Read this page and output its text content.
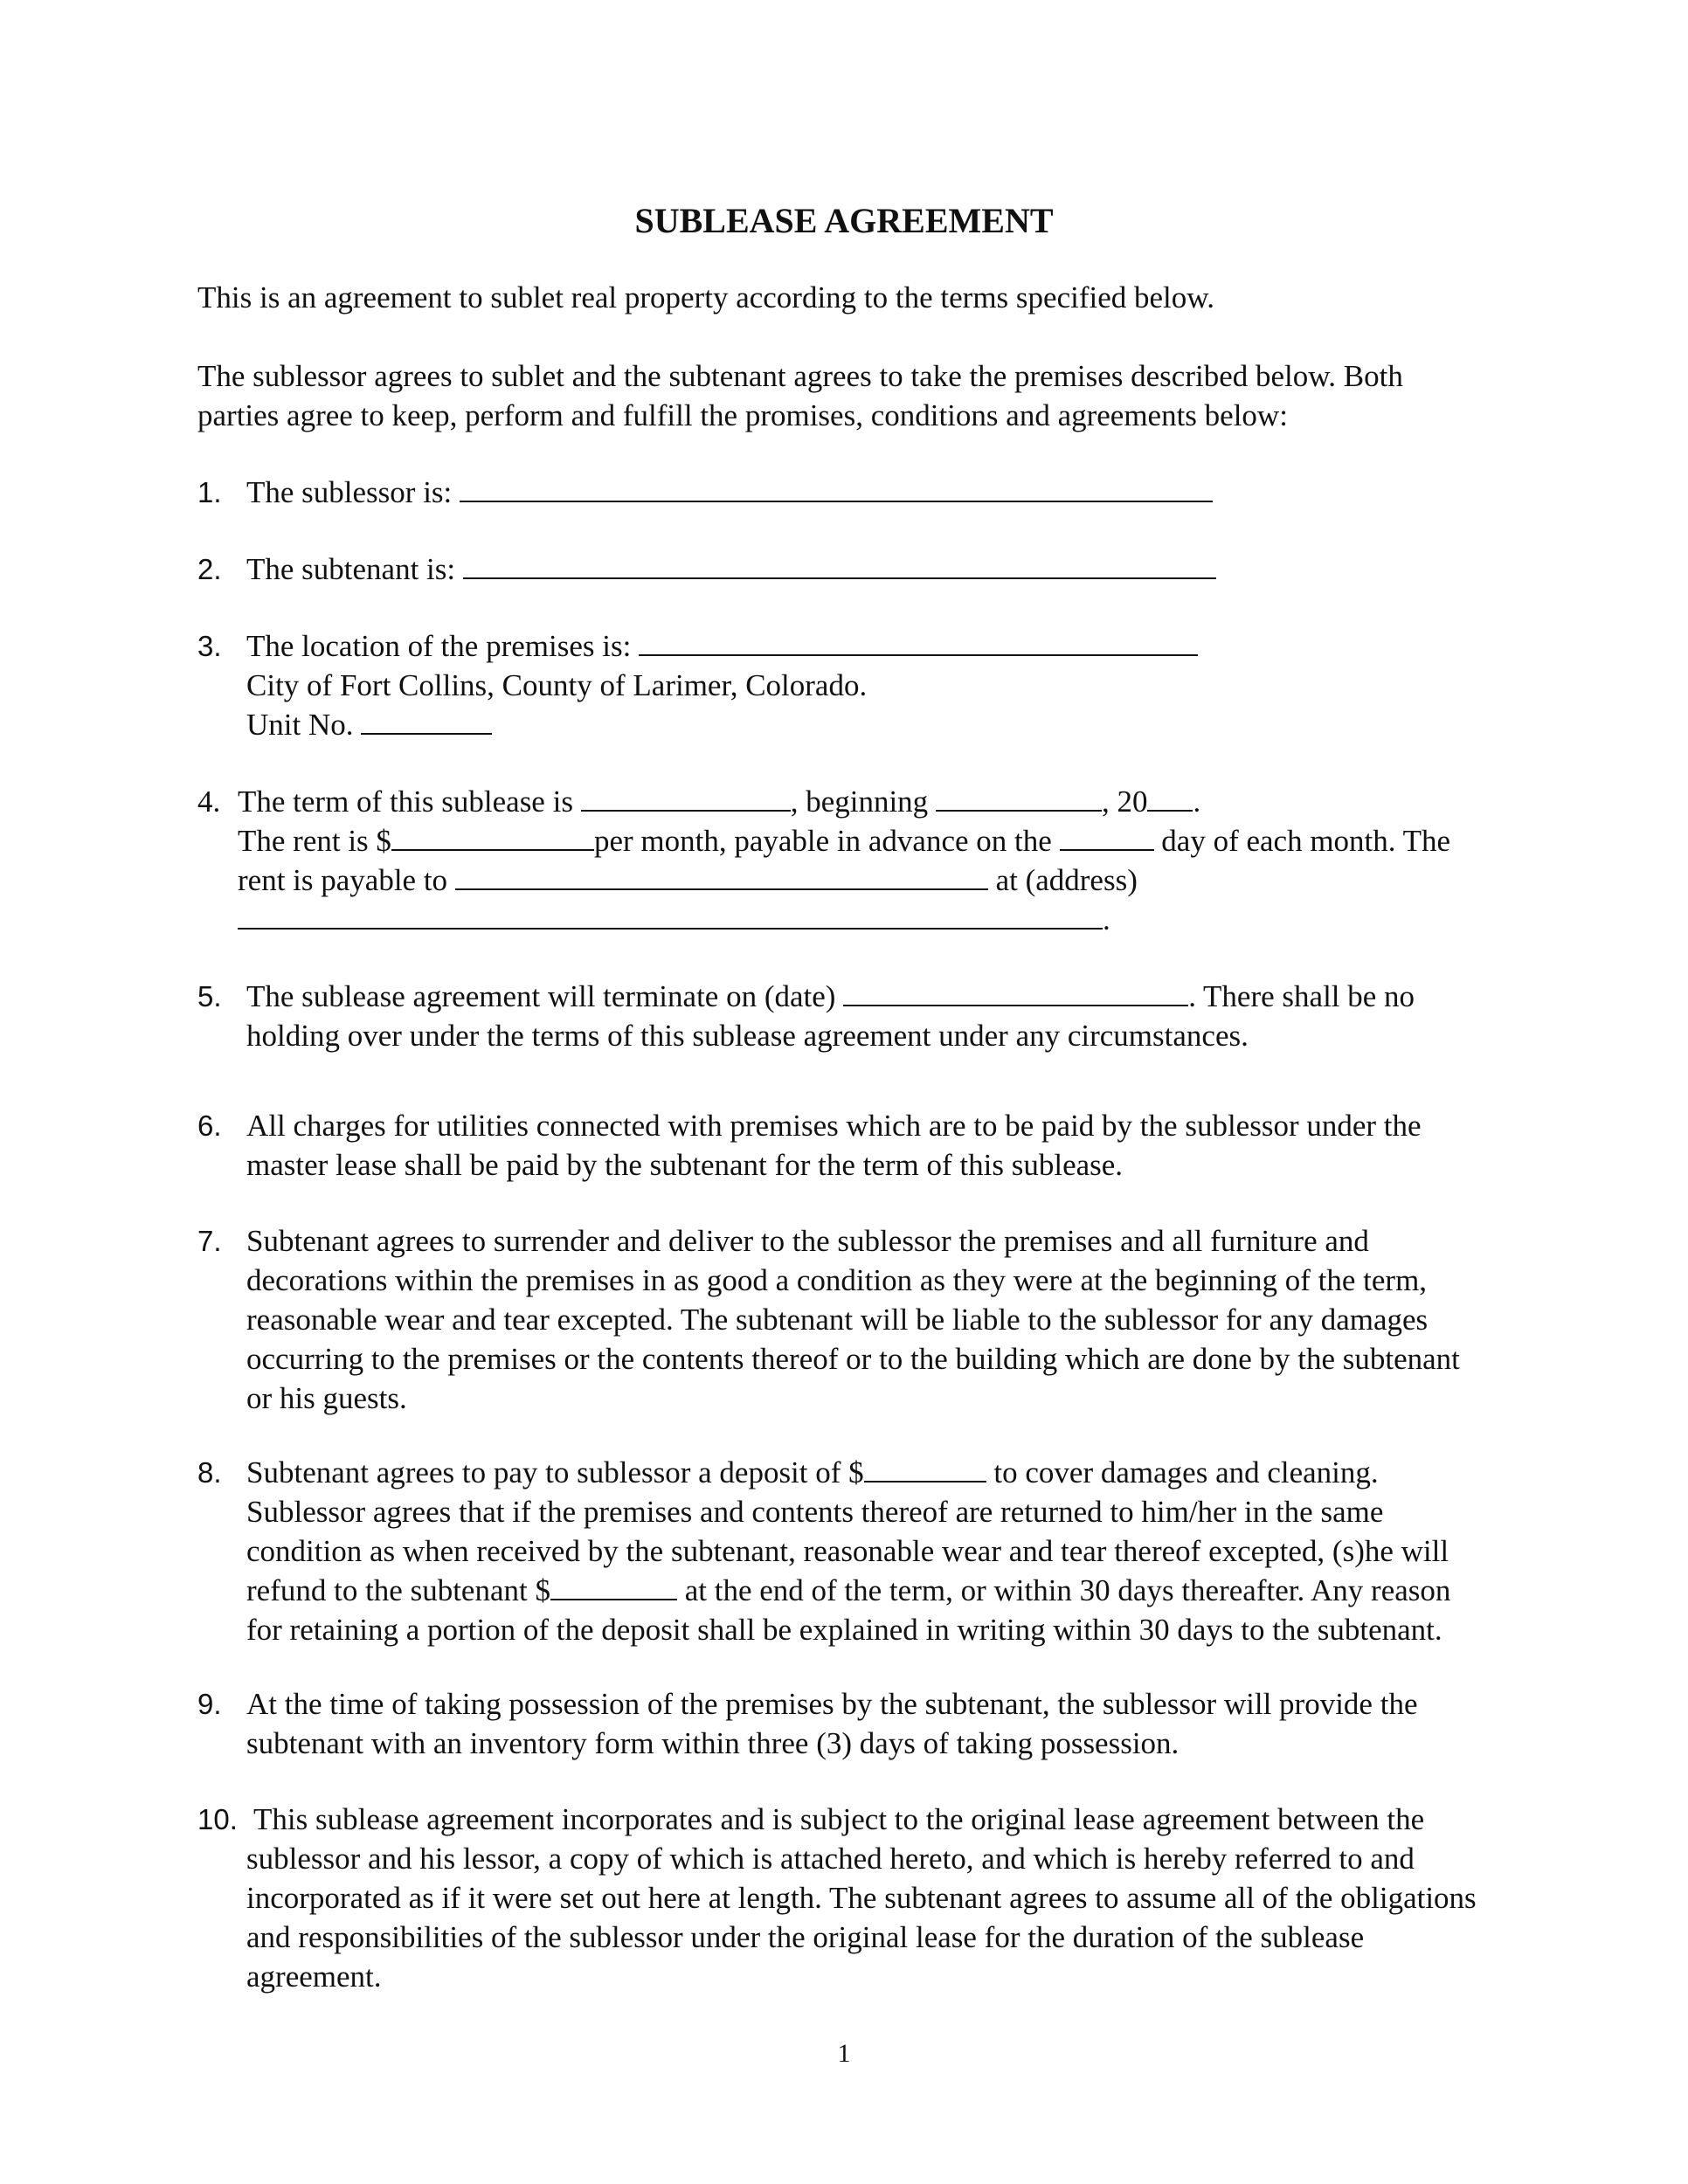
SUBLEASE AGREEMENT
This is an agreement to sublet real property according to the terms specified below.
The sublessor agrees to sublet and the subtenant agrees to take the premises described below. Both
parties agree to keep, perform and fulfill the promises, conditions and agreements below:
1. The sublessor is:
2. The subtenant is:
3. The location of the premises is:
City of Fort Collins, County of Larimer, Colorado.
Unit No.
4. The term of this sublease is	, beginning	, 20 .
The rent is $	per month, payable in advance on the	day of each month. The
rent is payable to	at (address)
.
5. The sublease agreement will terminate on (date)	. There shall be no
holding over under the terms of this sublease agreement under any circumstances.
6. All charges for utilities connected with premises which are to be paid by the sublessor under the
master lease shall be paid by the subtenant for the term of this sublease.
7. Subtenant agrees to surrender and deliver to the sublessor the premises and all furniture and
decorations within the premises in as good a condition as they were at the beginning of the term,
reasonable wear and tear excepted. The subtenant will be liable to the sublessor for any damages
occurring to the premises or the contents thereof or to the building which are done by the subtenant
or his guests.
8. Subtenant agrees to pay to sublessor a deposit of $	to cover damages and cleaning.
Sublessor agrees that if the premises and contents thereof are returned to him/her in the same
condition as when received by the subtenant, reasonable wear and tear thereof excepted, (s)he will
refund to the subtenant $	at the end of the term, or within 30 days thereafter. Any reason
for retaining a portion of the deposit shall be explained in writing within 30 days to the subtenant.
9. At the time of taking possession of the premises by the subtenant, the sublessor will provide the
subtenant with an inventory form within three (3) days of taking possession.
10. This sublease agreement incorporates and is subject to the original lease agreement between the
sublessor and his lessor, a copy of which is attached hereto, and which is hereby referred to and
incorporated as if it were set out here at length. The subtenant agrees to assume all of the obligations
and responsibilities of the sublessor under the original lease for the duration of the sublease
agreement.
1
